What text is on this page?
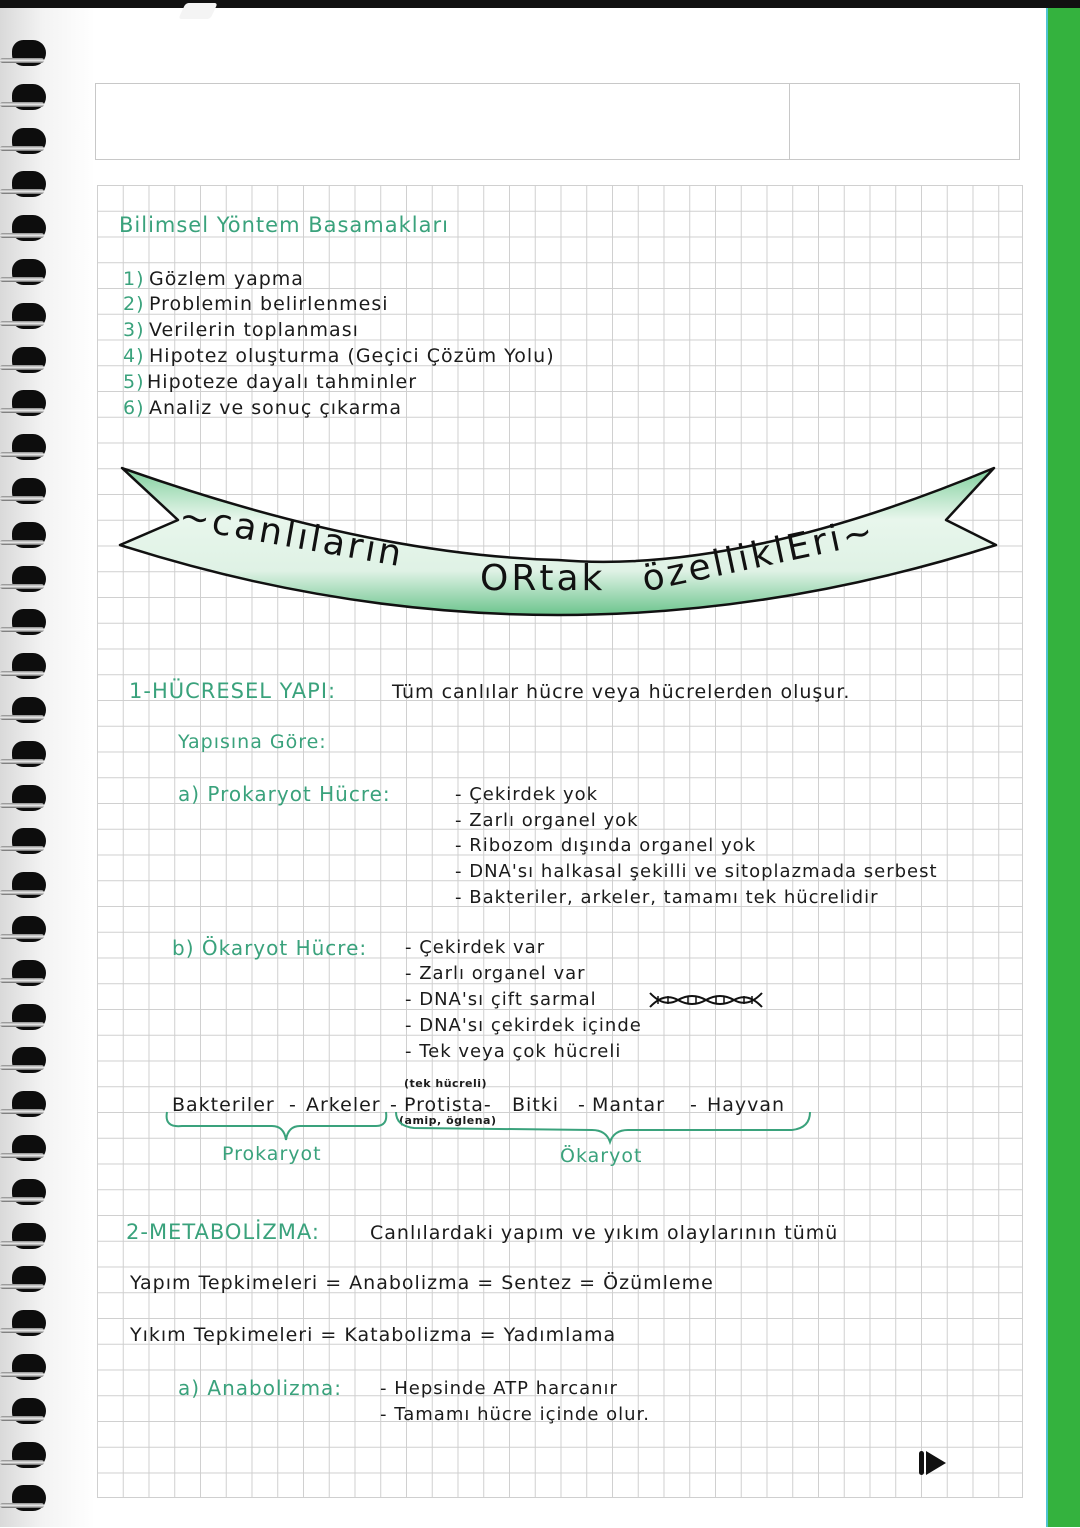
Bilimsel Yöntem Basamakları
1) Gözlem yapma
2) Problemin belirlenmesi
3) Verilerin toplanması
4) Hipotez oluşturma (Geçici Çözüm Yolu)
5) Hipoteze dayalı tahminler
6) Analiz ve sonuç çıkarma
~canlıların
ORtak özelliklEri~
1-HÜCRESEL YAPI:	Tüm canlılar hücre veya hücrelerden oluşur.
Yapısına Göre:
a) Prokaryot Hücre:	- Çekirdek yok
- Zarlı organel yok
- Ribozom dışında organel yok
- DNA'sı halkasal şekilli ve sitoplazmada serbest
- Bakteriler, arkeler, tamamı tek hücrelidir
b) Ökaryot Hücre: - Çekirdek var
- Zarlı organel var
- DNA'sı çift sarmal
- DNA'sı çekirdek içinde
- Tek veya çok hücreli
(tek hücreli)
Bakteriler - Arkeler - Protista- Bitki - Mantar - Hayvan
(amip, öglena)
Prokaryot	Ökaryot
2-METABOLİZMA:	Canlılardaki yapım ve yıkım olaylarının tümü
Yapım Tepkimeleri = Anabolizma = Sentez = Özümleme
Yıkım Tepkimeleri = Katabolizma = Yadımlama
a) Anabolizma: - Hepsinde ATP harcanır
- Tamamı hücre içinde olur.
